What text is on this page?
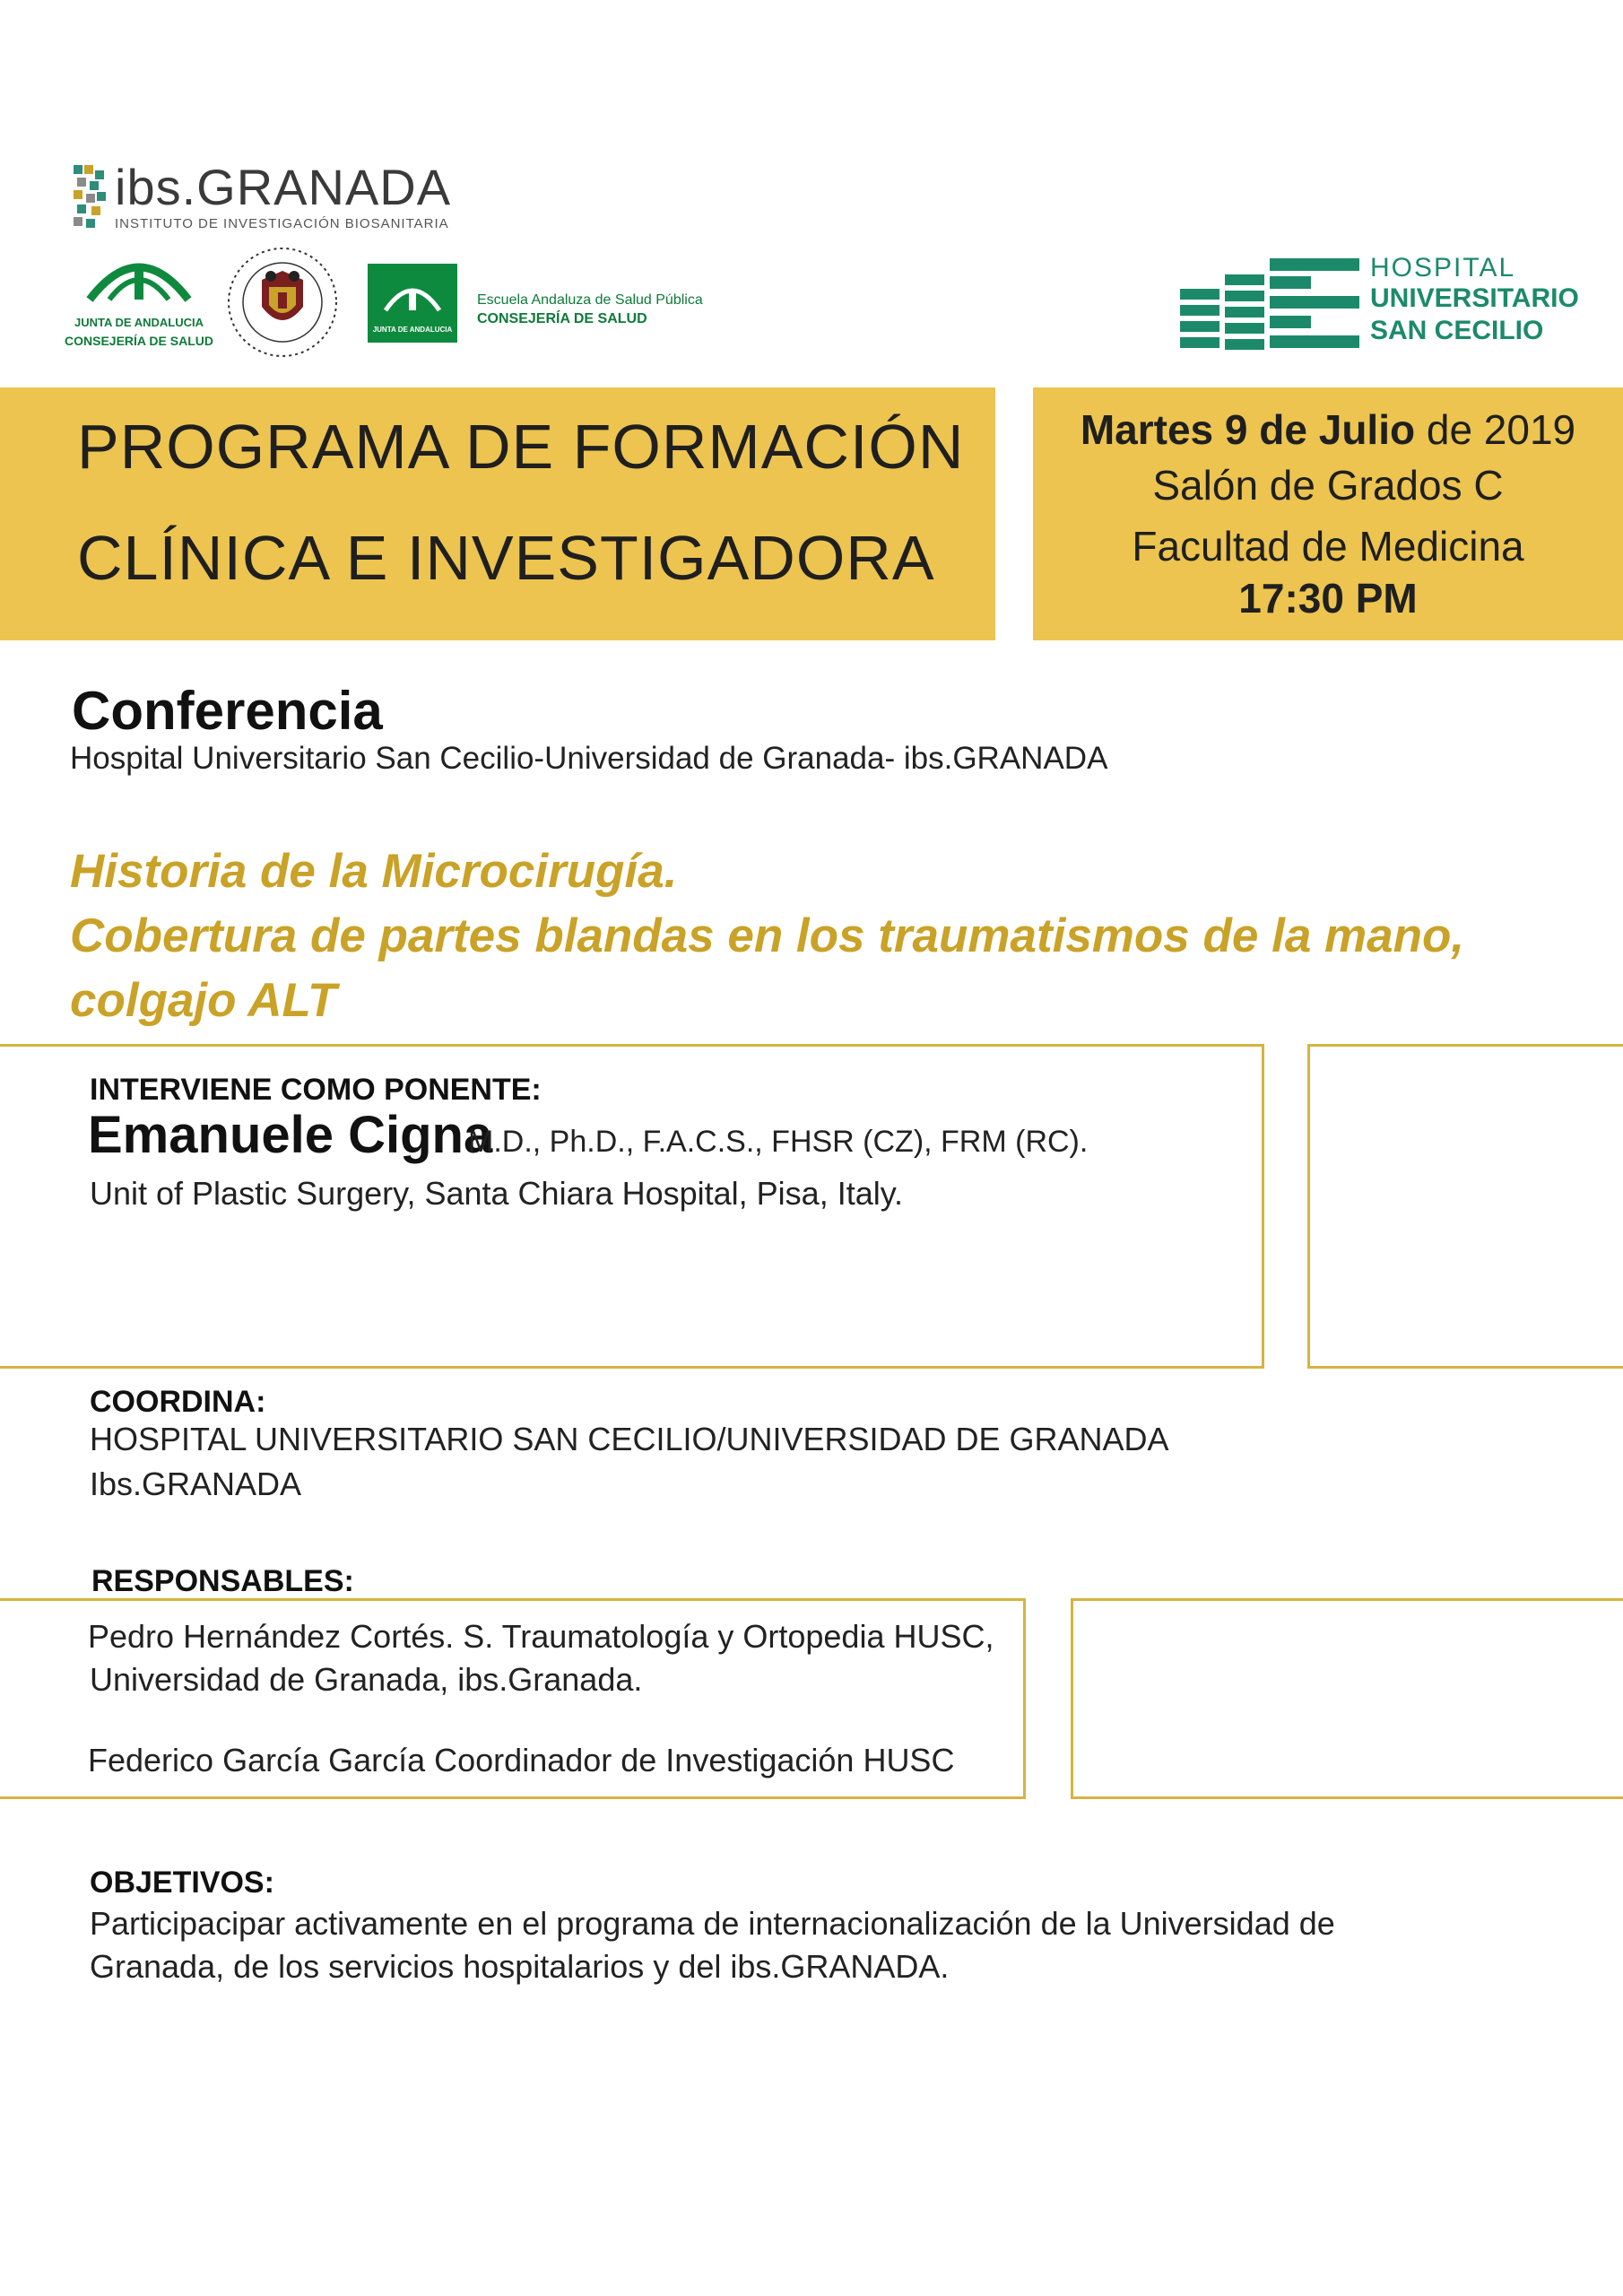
ibs.GRANADA
INSTITUTO DE INVESTIGACIÓN BIOSANITARIA
JUNTA DE ANDALUCIA
CONSEJERÍA DE SALUD
JUNTA DE ANDALUCIA
Escuela Andaluza de Salud Pública
CONSEJERÍA DE SALUD
HOSPITAL
UNIVERSITARIO
SAN CECILIO
PROGRAMA DE FORMACIÓN
CLÍNICA E INVESTIGADORA
Martes 9 de Julio de 2019
Salón de Grados C
Facultad de Medicina
17:30 PM
Conferencia
Hospital Universitario San Cecilio-Universidad de Granada- ibs.GRANADA
Historia de la Microcirugía.
Cobertura de partes blandas en los traumatismos de la mano,
colgajo ALT
INTERVIENE COMO PONENTE:
Emanuele Cigna
M.D., Ph.D., F.A.C.S., FHSR (CZ), FRM (RC).
Unit of Plastic Surgery, Santa Chiara Hospital, Pisa, Italy.
COORDINA:
HOSPITAL UNIVERSITARIO SAN CECILIO/UNIVERSIDAD DE GRANADA
Ibs.GRANADA
RESPONSABLES:
Pedro Hernández Cortés. S. Traumatología y Ortopedia HUSC,
Universidad de Granada, ibs.Granada.
Federico García García Coordinador de Investigación HUSC
OBJETIVOS:
Participacipar activamente en el programa de internacionalización de la Universidad de
Granada, de los servicios hospitalarios y del ibs.GRANADA.
